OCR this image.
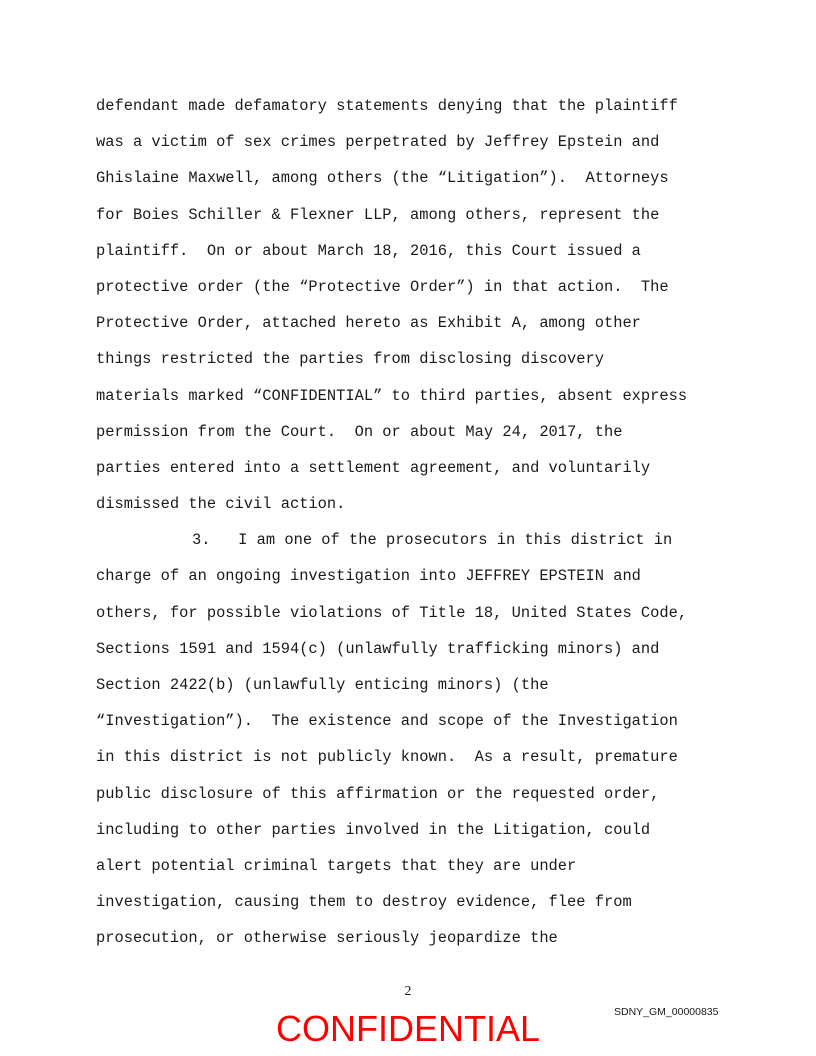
defendant made defamatory statements denying that the plaintiff
was a victim of sex crimes perpetrated by Jeffrey Epstein and
Ghislaine Maxwell, among others (the “Litigation”).  Attorneys
for Boies Schiller & Flexner LLP, among others, represent the
plaintiff.  On or about March 18, 2016, this Court issued a
protective order (the “Protective Order”) in that action.  The
Protective Order, attached hereto as Exhibit A, among other
things restricted the parties from disclosing discovery
materials marked “CONFIDENTIAL” to third parties, absent express
permission from the Court.  On or about May 24, 2017, the
parties entered into a settlement agreement, and voluntarily
dismissed the civil action.
3.   I am one of the prosecutors in this district in
charge of an ongoing investigation into JEFFREY EPSTEIN and
others, for possible violations of Title 18, United States Code,
Sections 1591 and 1594(c) (unlawfully trafficking minors) and
Section 2422(b) (unlawfully enticing minors) (the
“Investigation”).  The existence and scope of the Investigation
in this district is not publicly known.  As a result, premature
public disclosure of this affirmation or the requested order,
including to other parties involved in the Litigation, could
alert potential criminal targets that they are under
investigation, causing them to destroy evidence, flee from
prosecution, or otherwise seriously jeopardize the
2
SDNY_GM_00000835
CONFIDENTIAL
